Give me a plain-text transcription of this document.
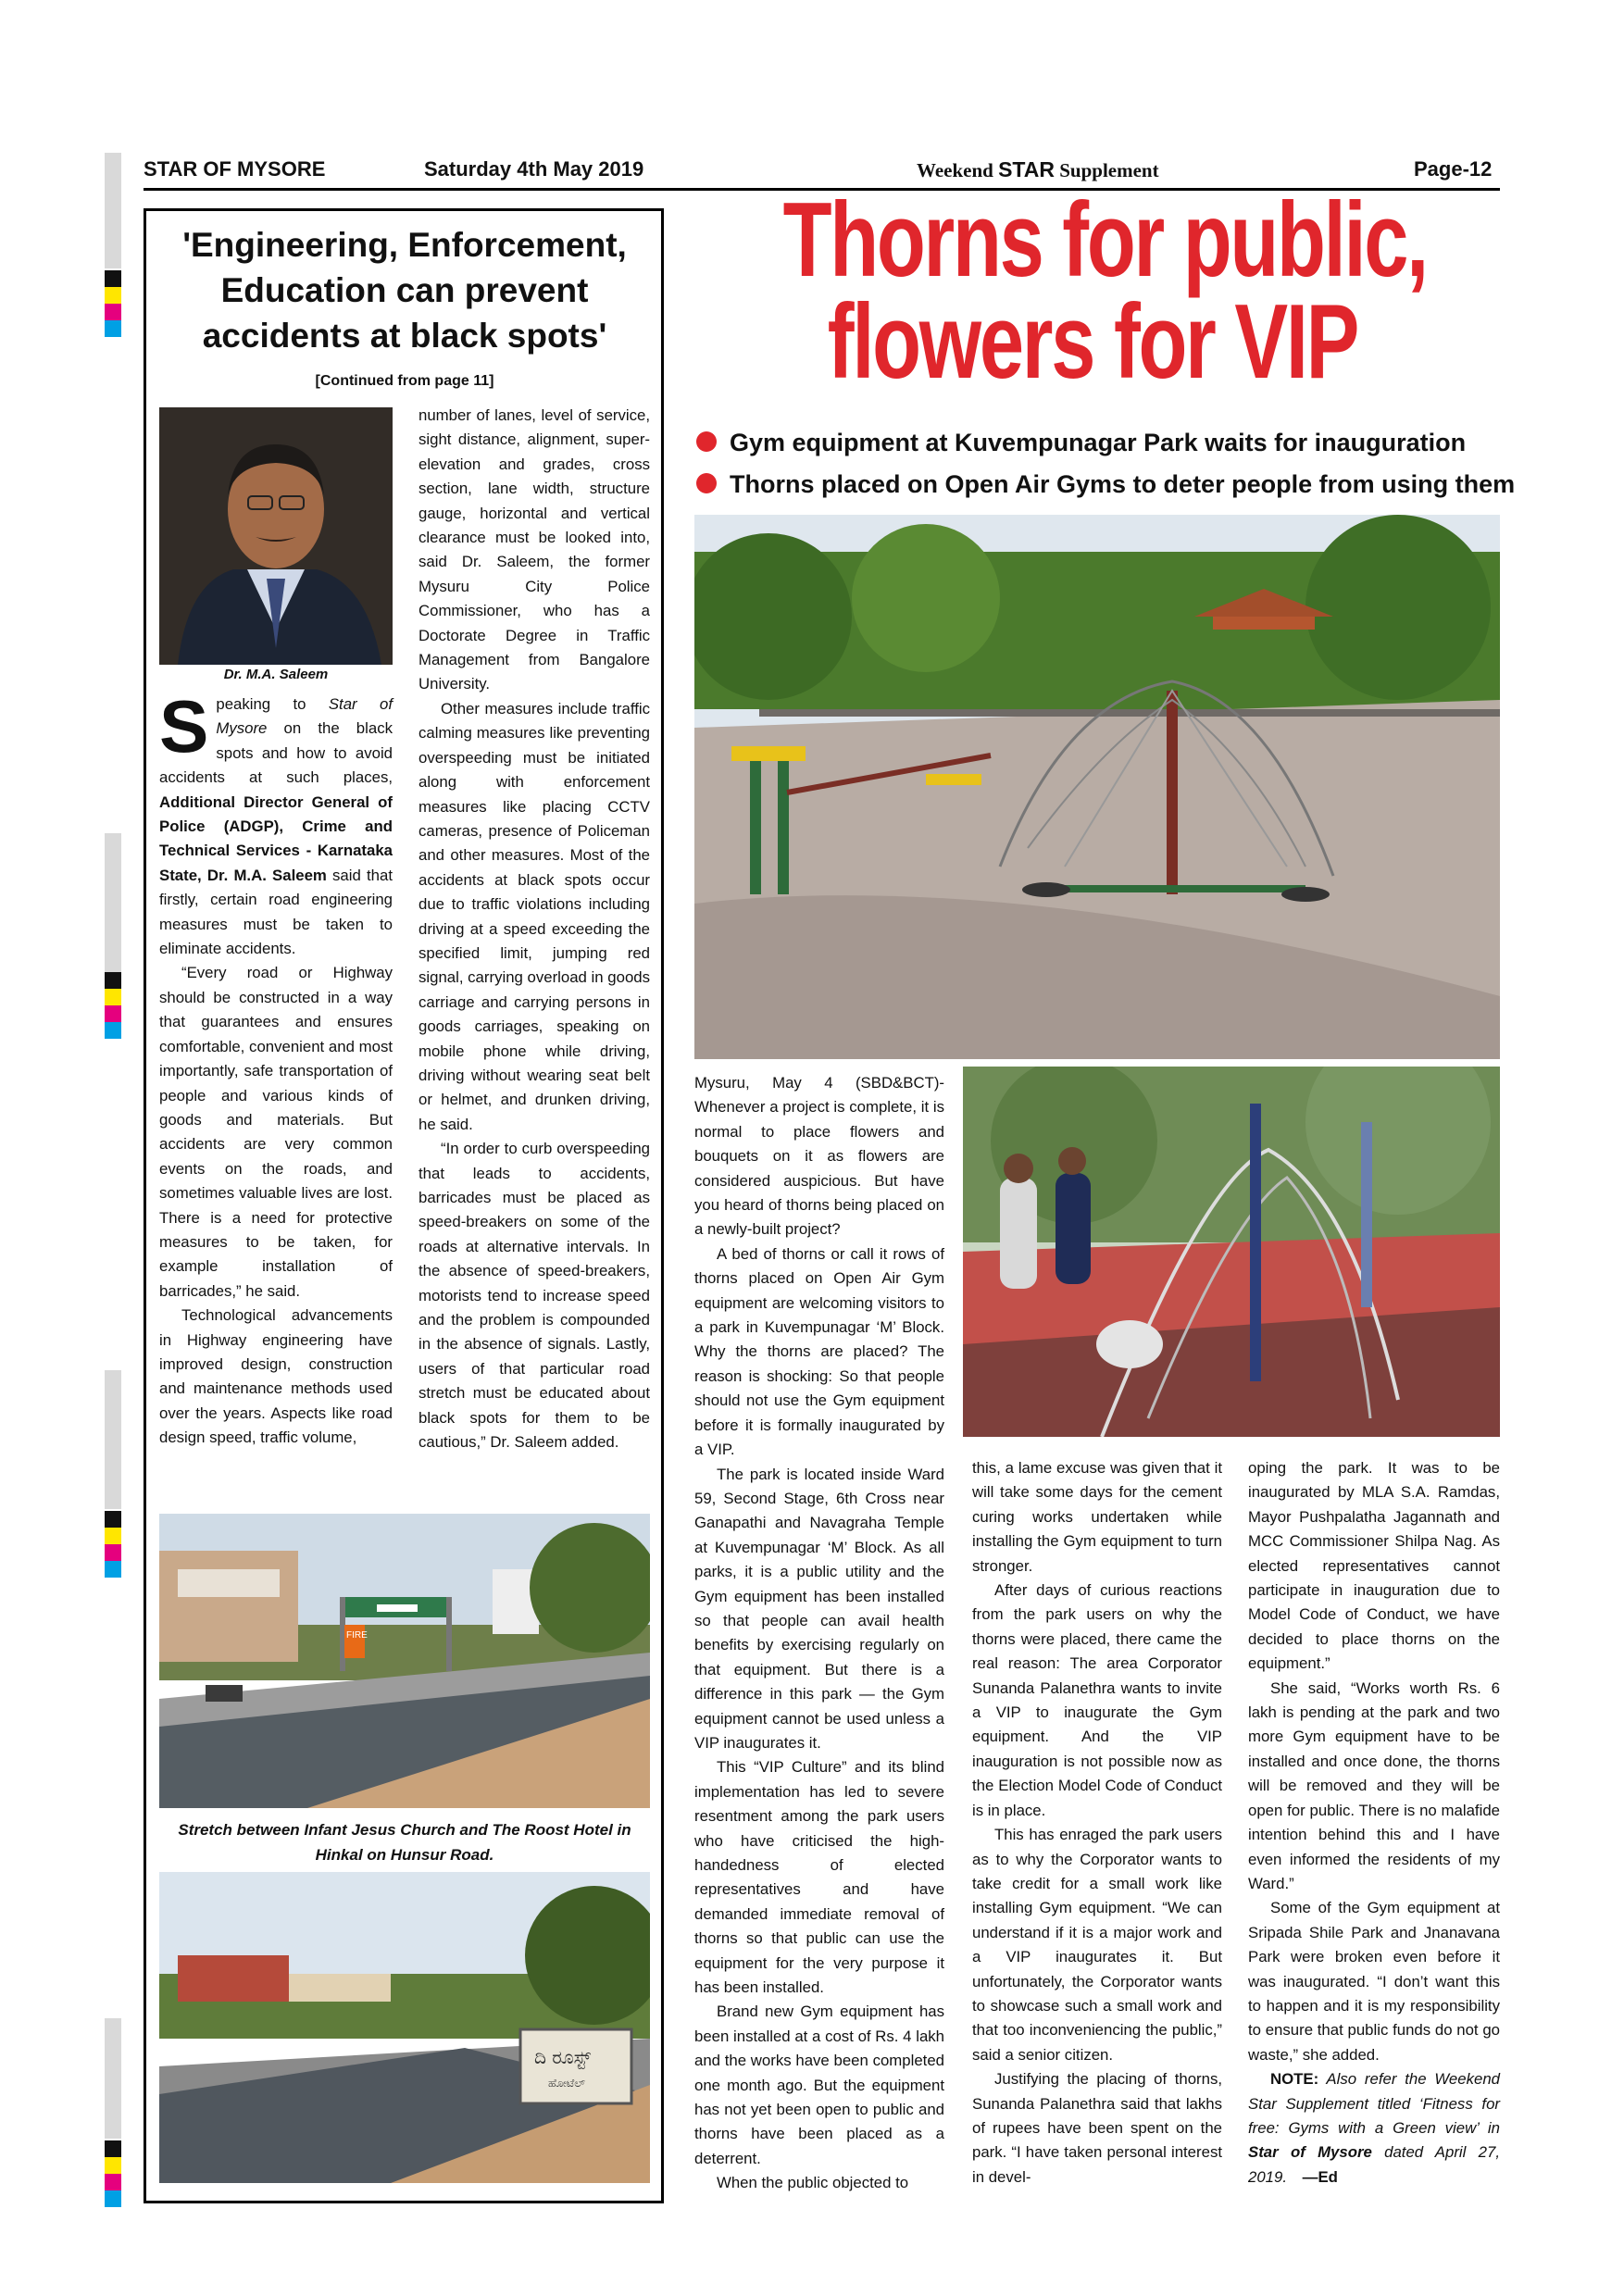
STAR OF MYSORE	Saturday 4th May 2019	Weekend STAR Supplement	Page-12
'Engineering, Enforcement, Education can prevent accidents at black spots'
[Continued from page 11]
Dr. M.A. Saleem

Speaking to Star of Mysore on the black spots and how to avoid accidents at such places, Additional Director General of Police (ADGP), Crime and Technical Services - Karnataka State, Dr. M.A. Saleem said that firstly, certain road engineering measures must be taken to eliminate accidents.

“Every road or Highway should be constructed in a way that guarantees and ensures comfortable, convenient and most importantly, safe transportation of people and various kinds of goods and materials. But accidents are very common events on the roads, and sometimes valuable lives are lost. There is a need for protective measures to be taken, for example installation of barricades,” he said.

Technological advancements in Highway engineering have improved design, construction and maintenance methods used over the years. Aspects like road design speed, traffic volume,

number of lanes, level of service, sight distance, alignment, super-elevation and grades, cross section, lane width, structure gauge, horizontal and vertical clearance must be looked into, said Dr. Saleem, the former Mysuru City Police Commissioner, who has a Doctorate Degree in Traffic Management from Bangalore University.

Other measures include traffic calming measures like preventing overspeeding must be initiated along with enforcement measures like placing CCTV cameras, presence of Policeman and other measures. Most of the accidents at black spots occur due to traffic violations including driving at a speed exceeding the specified limit, jumping red signal, carrying overload in goods carriage and carrying persons in goods carriages, speaking on mobile phone while driving, driving without wearing seat belt or helmet, and drunken driving, he said.

“In order to curb overspeeding that leads to accidents, barricades must be placed as speed-breakers on some of the roads at alternative intervals. In the absence of speed-breakers, motorists tend to increase speed and the problem is compounded in the absence of signals. Lastly, users of that particular road stretch must be educated about black spots for them to be cautious,” Dr. Saleem added.

FIRE
Stretch between Infant Jesus Church and The Roost Hotel in Hinkal on Hunsur Road.
ದಿ ರೂಸ್ಟ್
ಹೋಟೆಲ್
Thorns for public,
flowers for VIP
Gym equipment at Kuvempunagar Park waits for inauguration
Thorns placed on Open Air Gyms to deter people from using them

Mysuru, May 4 (SBD&BCT)- Whenever a project is complete, it is normal to place flowers and bouquets on it as flowers are considered auspicious. But have you heard of thorns being placed on a newly-built project?

A bed of thorns or call it rows of thorns placed on Open Air Gym equipment are welcoming visitors to a park in Kuvempunagar ‘M’ Block. Why the thorns are placed? The reason is shocking: So that people should not use the Gym equipment before it is formally inaugurated by a VIP.

The park is located inside Ward 59, Second Stage, 6th Cross near Ganapathi and Navagraha Temple at Kuvempunagar ‘M’ Block. As all parks, it is a public utility and the Gym equipment has been installed so that people can avail health benefits by exercising regularly on that equipment. But there is a difference in this park — the Gym equipment cannot be used unless a VIP inaugurates it.

This “VIP Culture” and its blind implementation has led to severe resentment among the park users who have criticised the high-handedness of elected representatives and have demanded immediate removal of thorns so that public can use the equipment for the very purpose it has been installed.

Brand new Gym equipment has been installed at a cost of Rs. 4 lakh and the works have been completed one month ago. But the equipment has not yet been open to public and thorns have been placed as a deterrent.

When the public objected to

this, a lame excuse was given that it will take some days for the cement curing works undertaken while installing the Gym equipment to turn stronger.

After days of curious reactions from the park users on why the thorns were placed, there came the real reason: The area Corporator Sunanda Palanethra wants to invite a VIP to inaugurate the Gym equipment. And the VIP inauguration is not possible now as the Election Model Code of Conduct is in place.

This has enraged the park users as to why the Corporator wants to take credit for a small work like installing Gym equipment. “We can understand if it is a major work and a VIP inaugurates it. But unfortunately, the Corporator wants to showcase such a small work and that too inconveniencing the public,” said a senior citizen.

Justifying the placing of thorns, Sunanda Palanethra said that lakhs of rupees have been spent on the park. “I have taken personal interest in devel-

oping the park. It was to be inaugurated by MLA S.A. Ramdas, Mayor Pushpalatha Jagannath and MCC Commissioner Shilpa Nag. As elected representatives cannot participate in inauguration due to Model Code of Conduct, we have decided to place thorns on the equipment.”

She said, “Works worth Rs. 6 lakh is pending at the park and two more Gym equipment have to be installed and once done, the thorns will be removed and they will be open for public. There is no malafide intention behind this and I have even informed the residents of my Ward.”

Some of the Gym equipment at Sripada Shile Park and Jnanavana Park were broken even before it was inaugurated. “I don’t want this to happen and it is my responsibility to ensure that public funds do not go waste,” she added.

NOTE: Also refer the Weekend Star Supplement titled ‘Fitness for free: Gyms with a Green view’ in Star of Mysore dated April 27, 2019. —Ed
